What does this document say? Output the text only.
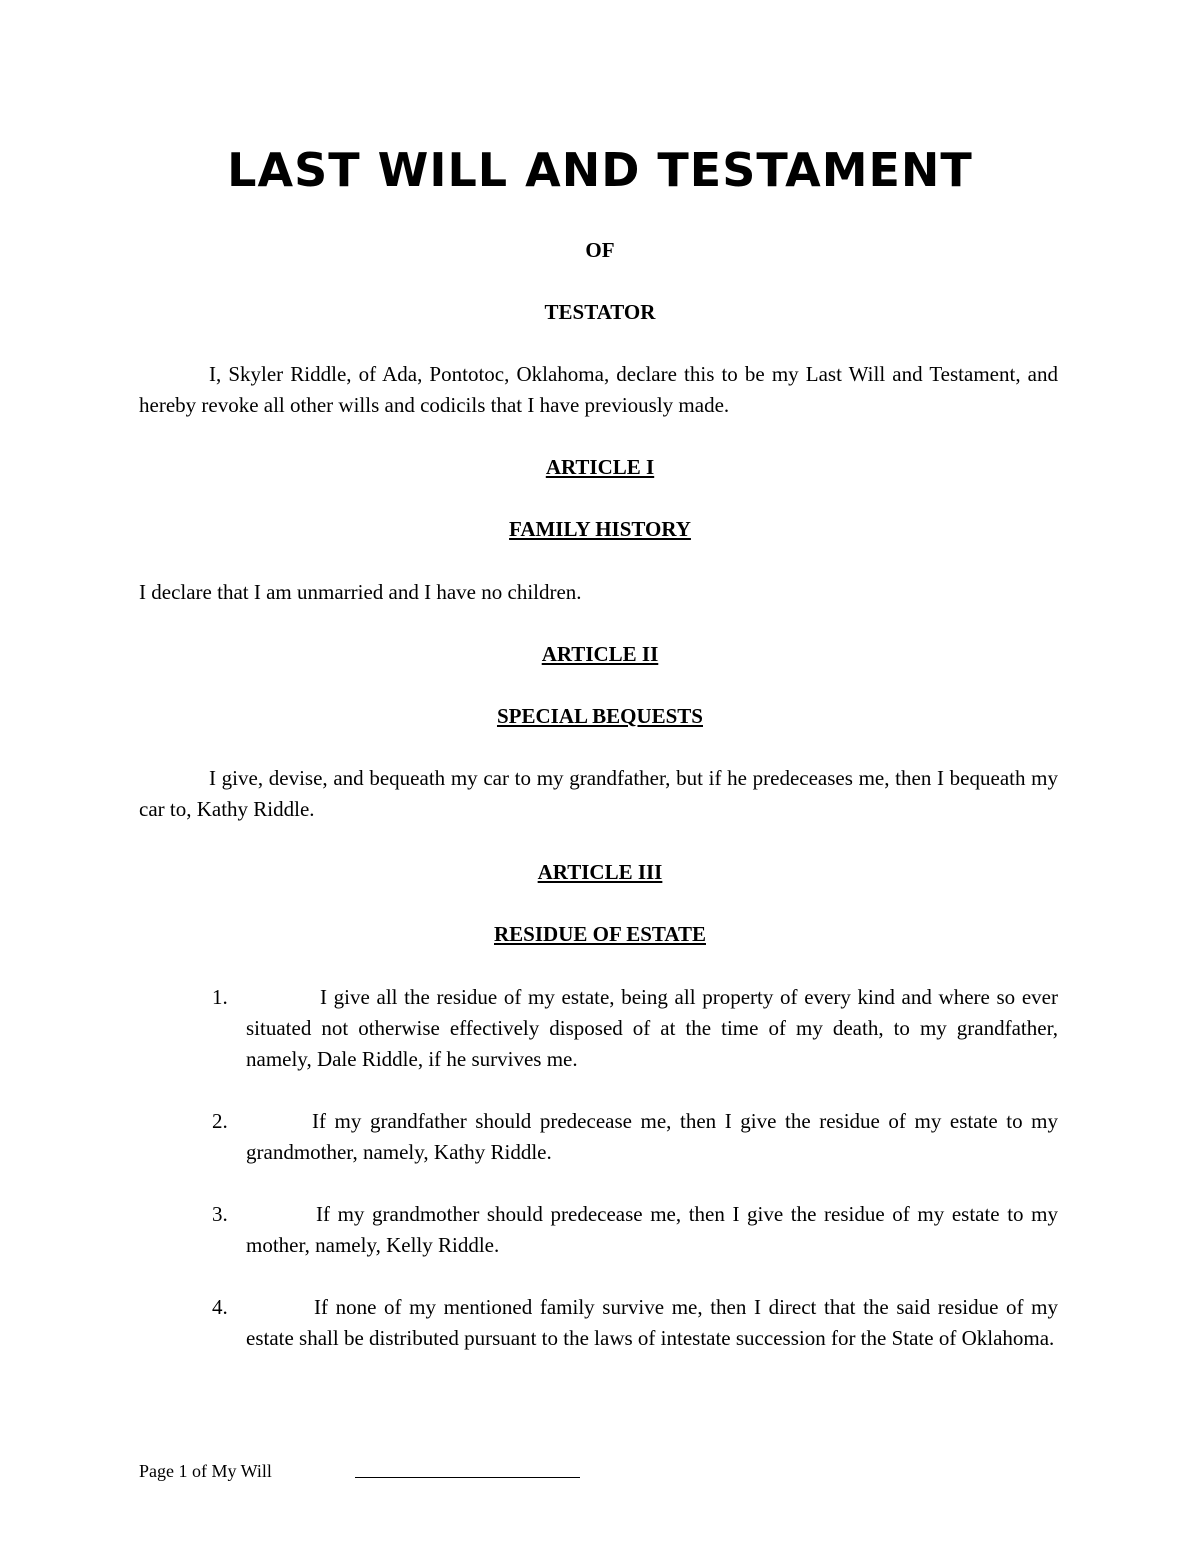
LAST WILL AND TESTAMENT
OF
TESTATOR
I, Skyler Riddle, of Ada, Pontotoc, Oklahoma, declare this to be my Last Will and Testament, and hereby revoke all other wills and codicils that I have previously made.
ARTICLE I
FAMILY HISTORY
I declare that I am unmarried and I have no children.
ARTICLE II
SPECIAL BEQUESTS
I give, devise, and bequeath my car to my grandfather, but if he predeceases me, then I bequeath my car to, Kathy Riddle.
ARTICLE III
RESIDUE OF ESTATE
1.	I give all the residue of my estate, being all property of every kind and where so ever situated not otherwise effectively disposed of at the time of my death, to my grandfather, namely, Dale Riddle, if he survives me.
2.	If my grandfather should predecease me, then I give the residue of my estate to my grandmother, namely, Kathy Riddle.
3.	If my grandmother should predecease me, then I give the residue of my estate to my mother, namely, Kelly Riddle.
4.	If none of my mentioned family survive me, then I direct that the said residue of my estate shall be distributed pursuant to the laws of intestate succession for the State of Oklahoma.
Page 1 of My Will
